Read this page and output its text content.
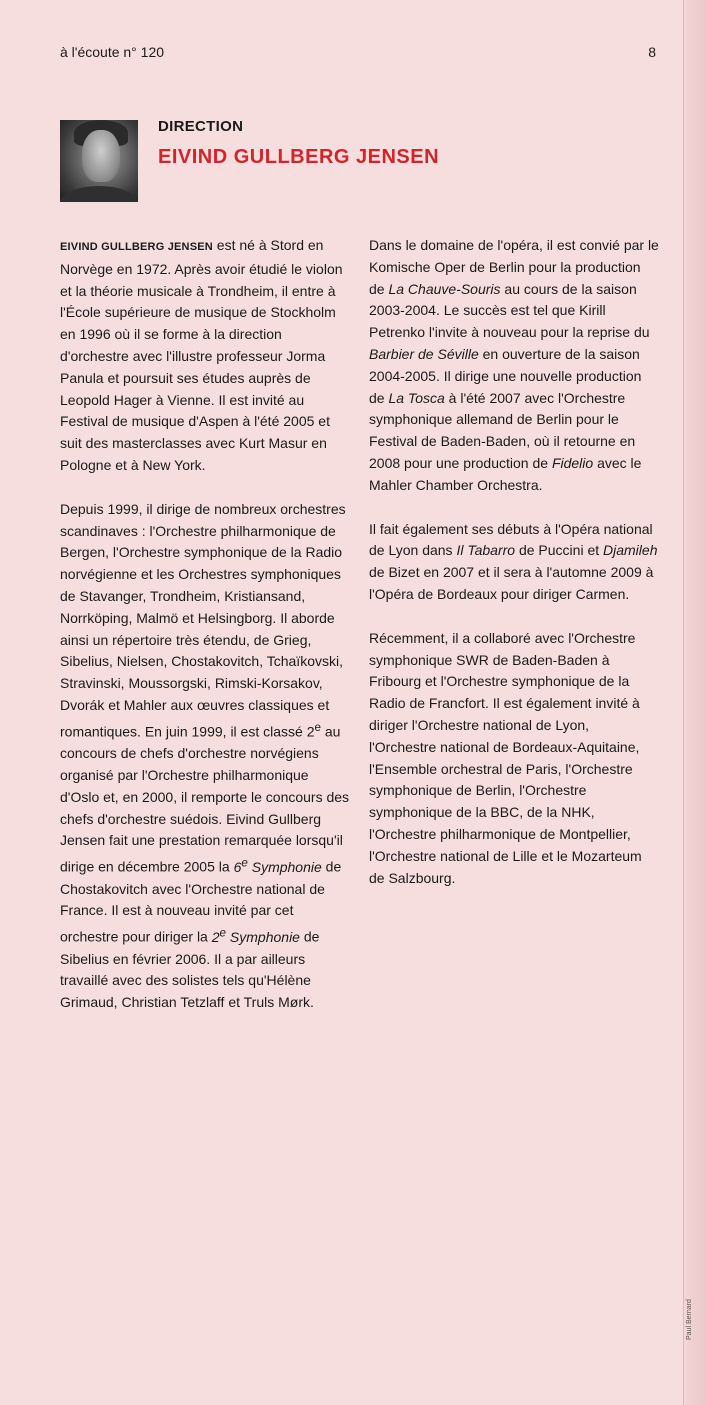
à l'écoute n° 120	8
DIRECTION
EIVIND GULLBERG JENSEN

EIVIND GULLBERG JENSEN est né à Stord en Norvège en 1972. Après avoir étudié le violon et la théorie musicale à Trondheim, il entre à l'École supérieure de musique de Stockholm en 1996 où il se forme à la direction d'orchestre avec l'illustre professeur Jorma Panula et poursuit ses études auprès de Leopold Hager à Vienne. Il est invité au Festival de musique d'Aspen à l'été 2005 et suit des masterclasses avec Kurt Masur en Pologne et à New York.

Depuis 1999, il dirige de nombreux orchestres scandinaves : l'Orchestre philharmonique de Bergen, l'Orchestre symphonique de la Radio norvégienne et les Orchestres symphoniques de Stavanger, Trondheim, Kristiansand, Norrköping, Malmö et Helsingborg. Il aborde ainsi un répertoire très étendu, de Grieg, Sibelius, Nielsen, Chostakovitch, Tchaïkovski, Stravinski, Moussorgski, Rimski-Korsakov, Dvorák et Mahler aux œuvres classiques et romantiques. En juin 1999, il est classé 2e au concours de chefs d'orchestre norvégiens organisé par l'Orchestre philharmonique d'Oslo et, en 2000, il remporte le concours des chefs d'orchestre suédois. Eivind Gullberg Jensen fait une prestation remarquée lorsqu'il dirige en décembre 2005 la 6e Symphonie de Chostakovitch avec l'Orchestre national de France. Il est à nouveau invité par cet orchestre pour diriger la 2e Symphonie de Sibelius en février 2006. Il a par ailleurs travaillé avec des solistes tels qu'Hélène Grimaud, Christian Tetzlaff et Truls Mørk.

Dans le domaine de l'opéra, il est convié par le Komische Oper de Berlin pour la production de La Chauve-Souris au cours de la saison 2003-2004. Le succès est tel que Kirill Petrenko l'invite à nouveau pour la reprise du Barbier de Séville en ouverture de la saison 2004-2005. Il dirige une nouvelle production de La Tosca à l'été 2007 avec l'Orchestre symphonique allemand de Berlin pour le Festival de Baden-Baden, où il retourne en 2008 pour une production de Fidelio avec le Mahler Chamber Orchestra.

Il fait également ses débuts à l'Opéra national de Lyon dans Il Tabarro de Puccini et Djamileh de Bizet en 2007 et il sera à l'automne 2009 à l'Opéra de Bordeaux pour diriger Carmen.

Récemment, il a collaboré avec l'Orchestre symphonique SWR de Baden-Baden à Fribourg et l'Orchestre symphonique de la Radio de Francfort. Il est également invité à diriger l'Orchestre national de Lyon, l'Orchestre national de Bordeaux-Aquitaine, l'Ensemble orchestral de Paris, l'Orchestre symphonique de Berlin, l'Orchestre symphonique de la BBC, de la NHK, l'Orchestre philharmonique de Montpellier, l'Orchestre national de Lille et le Mozarteum de Salzbourg.

Paul Bernard
